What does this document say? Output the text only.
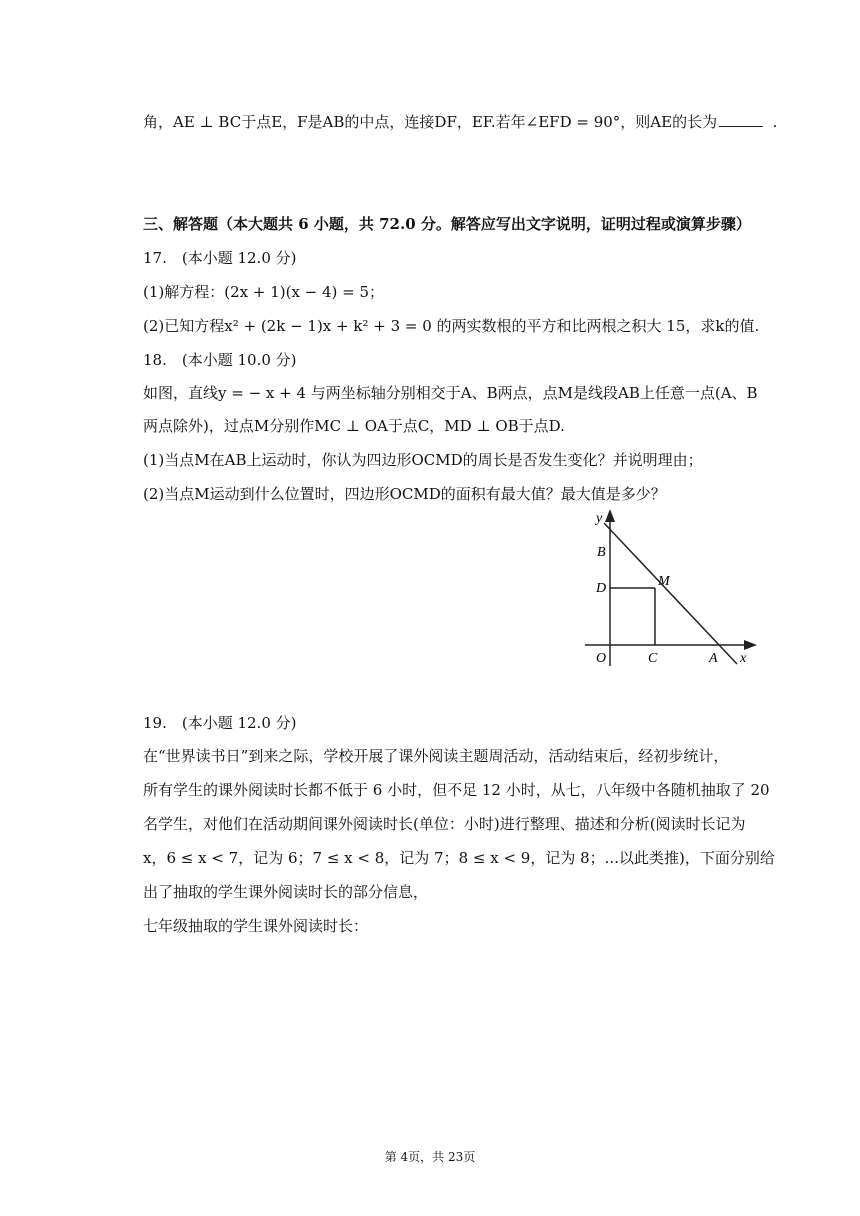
角，AE ⊥ BC于点E，F是AB的中点，连接DF，EF.若年∠EFD = 90°，则AE的长为	.
三、解答题（本大题共 6 小题，共 72.0 分。解答应写出文字说明，证明过程或演算步骤）
17.　(本小题 12.0 分)
(1)解方程：(2x + 1)(x − 4) = 5；
(2)已知方程x² + (2k − 1)x + k² + 3 = 0 的两实数根的平方和比两根之积大 15，求k的值.
18.　(本小题 10.0 分)
如图，直线y = − x + 4 与两坐标轴分别相交于A、B两点，点M是线段AB上任意一点(A、B
两点除外)，过点M分别作MC ⊥ OA于点C，MD ⊥ OB于点D.
(1)当点M在AB上运动时，你认为四边形OCMD的周长是否发生变化？并说明理由；
(2)当点M运动到什么位置时，四边形OCMD的面积有最大值？最大值是多少？
y
B
D	M
O	C	A x
19.　(本小题 12.0 分)
在“世界读书日”到来之际，学校开展了课外阅读主题周活动，活动结束后，经初步统计，
所有学生的课外阅读时长都不低于 6 小时，但不足 12 小时，从七，八年级中各随机抽取了 20
名学生，对他们在活动期间课外阅读时长(单位：小时)进行整理、描述和分析(阅读时长记为
x，6 ≤ x < 7，记为 6；7 ≤ x < 8，记为 7；8 ≤ x < 9，记为 8；...以此类推)，下面分别给
出了抽取的学生课外阅读时长的部分信息，
七年级抽取的学生课外阅读时长：
第 4页，共 23页
